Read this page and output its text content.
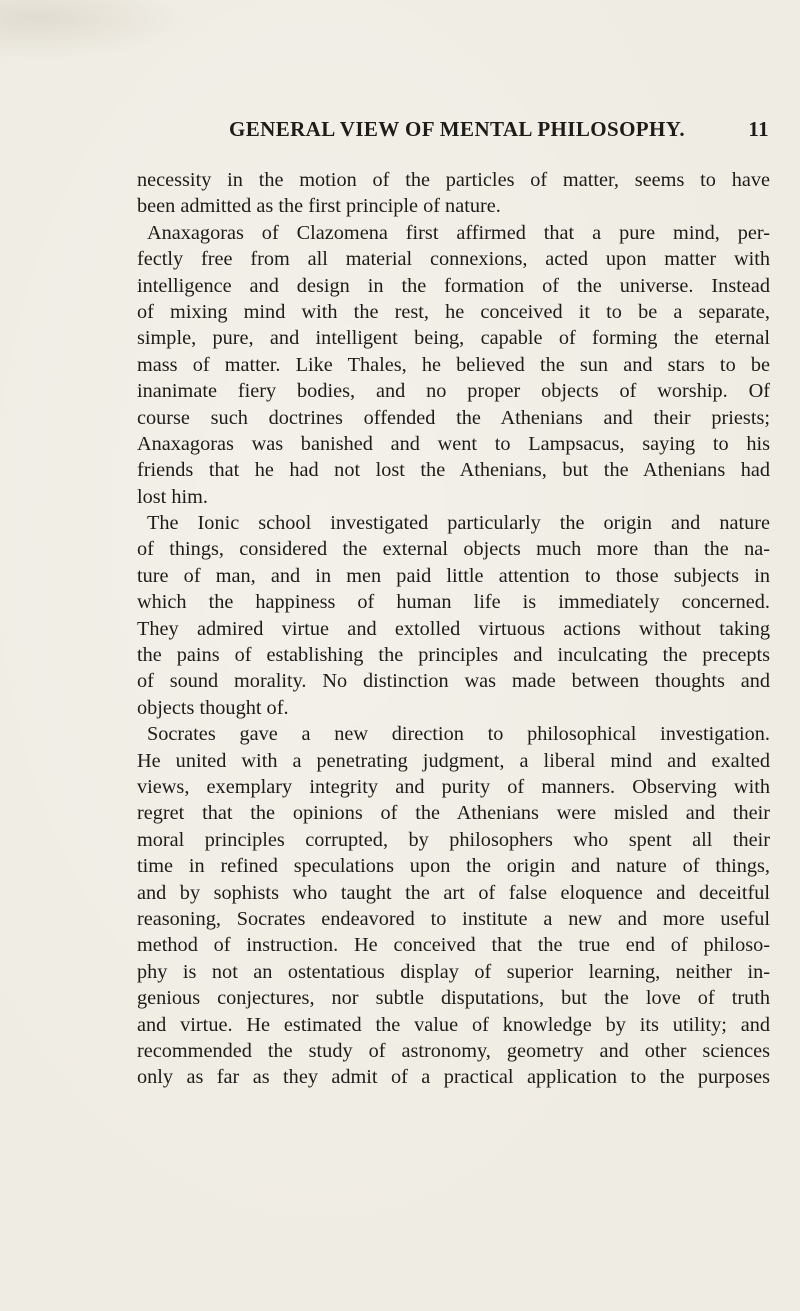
GENERAL VIEW OF MENTAL PHILOSOPHY.	11
necessity in the motion of the particles of matter, seems to have
been admitted as the first principle of nature.
Anaxagoras of Clazomena first affirmed that a pure mind, per-
fectly free from all material connexions, acted upon matter with
intelligence and design in the formation of the universe. Instead
of mixing mind with the rest, he conceived it to be a separate,
simple, pure, and intelligent being, capable of forming the eternal
mass of matter. Like Thales, he believed the sun and stars to be
inanimate fiery bodies, and no proper objects of worship. Of
course such doctrines offended the Athenians and their priests;
Anaxagoras was banished and went to Lampsacus, saying to his
friends that he had not lost the Athenians, but the Athenians had
lost him.
The Ionic school investigated particularly the origin and nature
of things, considered the external objects much more than the na-
ture of man, and in men paid little attention to those subjects in
which the happiness of human life is immediately concerned.
They admired virtue and extolled virtuous actions without taking
the pains of establishing the principles and inculcating the precepts
of sound morality. No distinction was made between thoughts and
objects thought of.
Socrates gave a new direction to philosophical investigation.
He united with a penetrating judgment, a liberal mind and exalted
views, exemplary integrity and purity of manners. Observing with
regret that the opinions of the Athenians were misled and their
moral principles corrupted, by philosophers who spent all their
time in refined speculations upon the origin and nature of things,
and by sophists who taught the art of false eloquence and deceitful
reasoning, Socrates endeavored to institute a new and more useful
method of instruction. He conceived that the true end of philoso-
phy is not an ostentatious display of superior learning, neither in-
genious conjectures, nor subtle disputations, but the love of truth
and virtue. He estimated the value of knowledge by its utility; and
recommended the study of astronomy, geometry and other sciences
only as far as they admit of a practical application to the purposes
